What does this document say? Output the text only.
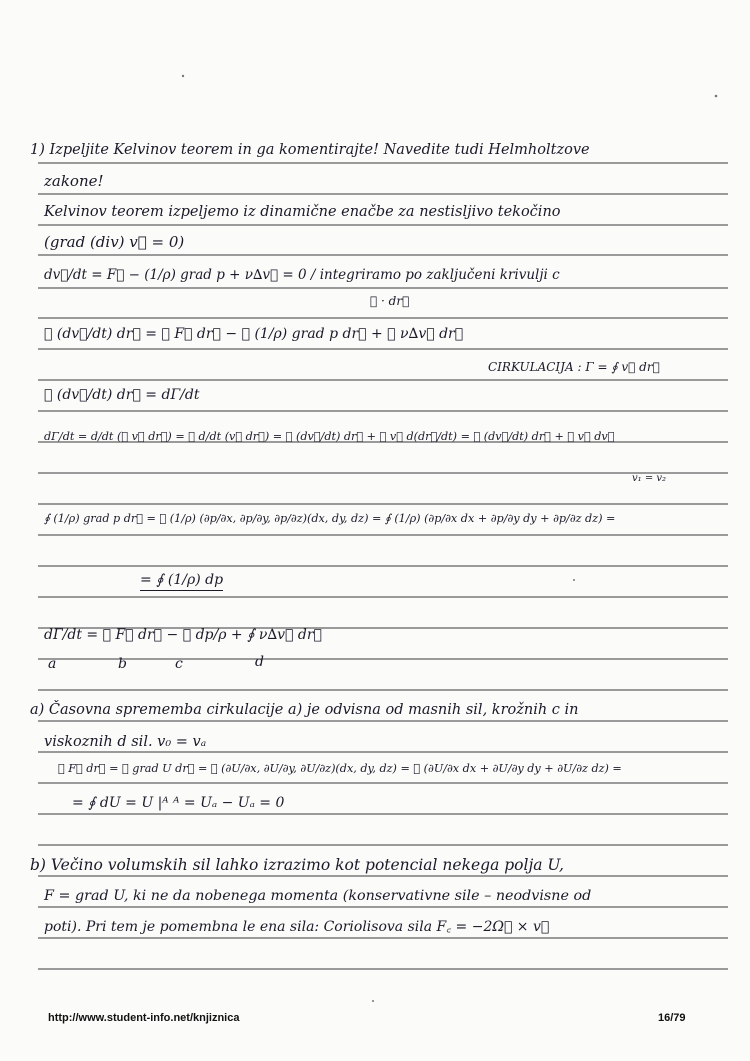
1) Izpeljite Kelvinov teorem in ga komentirajte! Navedite tudi Helmholtzove
zakone!
Kelvinov teorem izpeljemo iz dinamične enačbe za nestisljivo tekočino
(grad (div) v⃗ = 0)
dv⃗/dt = F⃗ − (1/ρ) grad p + ν∆v⃗ = 0 / integriramo po zaključeni krivulji c
∮ · dr⃗
∮ (dv⃗/dt) dr⃗ = ∮ F⃗ dr⃗ − ∮ (1/ρ) grad p dr⃗ + ∮ ν∆v⃗ dr⃗
CIRKULACIJA : Γ = ∮ v⃗ dr⃗
∮ (dv⃗/dt) dr⃗ = dΓ/dt
dΓ/dt = d/dt (∮ v⃗ dr⃗) = ∮ d/dt (v⃗ dr⃗) = ∮ (dv⃗/dt) dr⃗ + ∮ v⃗ d(dr⃗/dt) = ∮ (dv⃗/dt) dr⃗ + ∮ v⃗ dv⃗
v₁ = v₂
∮ (1/ρ) grad p dr⃗ = ∮ (1/ρ) (∂p/∂x, ∂p/∂y, ∂p/∂z)(dx, dy, dz) = ∮ (1/ρ) (∂p/∂x dx + ∂p/∂y dy + ∂p/∂z dz) =
= ∮ (1/ρ) dp
dΓ/dt = ∮ F⃗ dr⃗ − ∮ dp/ρ + ∮ ν∆v⃗ dr⃗
a	b	c	d
a) Časovna sprememba cirkulacije a) je odvisna od masnih sil, krožnih c in
viskoznih d sil. v₀ = vₐ
∮ F⃗ dr⃗ = ∮ grad U dr⃗ = ∮ (∂U/∂x, ∂U/∂y, ∂U/∂z)(dx, dy, dz) = ∮ (∂U/∂x dx + ∂U/∂y dy + ∂U/∂z dz) =
= ∮ dU = U |ᴬ ᴬ = Uₐ − Uₐ = 0
b) Večino volumskih sil lahko izrazimo kot potencial nekega polja U,
F = grad U, ki ne da nobenega momenta (konservativne sile – neodvisne od
poti). Pri tem je pomembna le ena sila: Coriolisova sila F꜀ = −2Ω⃗ × v⃗
http://www.student-info.net/knjiznica	16/79
